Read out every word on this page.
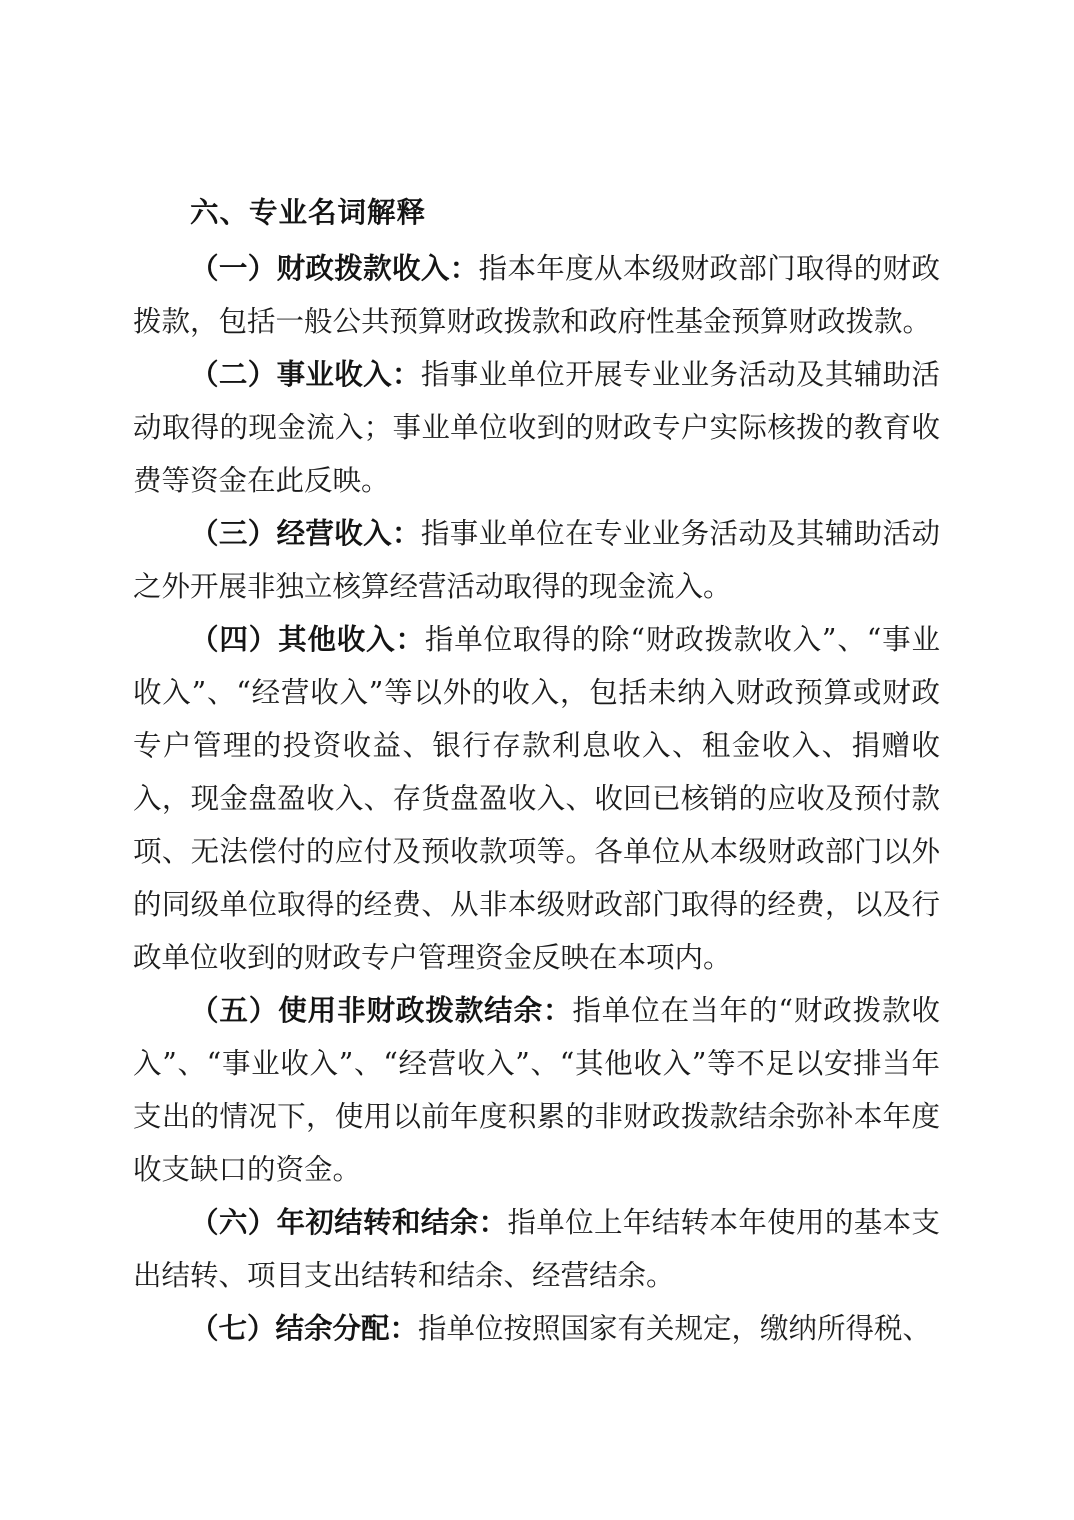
六、专业名词解释

（一）财政拨款收入：指本年度从本级财政部门取得的财政拨款，包括一般公共预算财政拨款和政府性基金预算财政拨款。

（二）事业收入：指事业单位开展专业业务活动及其辅助活动取得的现金流入；事业单位收到的财政专户实际核拨的教育收费等资金在此反映。

（三）经营收入：指事业单位在专业业务活动及其辅助活动之外开展非独立核算经营活动取得的现金流入。

（四）其他收入：指单位取得的除“财政拨款收入”、“事业收入”、“经营收入”等以外的收入，包括未纳入财政预算或财政专户管理的投资收益、银行存款利息收入、租金收入、捐赠收入，现金盘盈收入、存货盘盈收入、收回已核销的应收及预付款项、无法偿付的应付及预收款项等。各单位从本级财政部门以外的同级单位取得的经费、从非本级财政部门取得的经费，以及行政单位收到的财政专户管理资金反映在本项内。

（五）使用非财政拨款结余：指单位在当年的“财政拨款收入”、“事业收入”、“经营收入”、“其他收入”等不足以安排当年支出的情况下，使用以前年度积累的非财政拨款结余弥补本年度收支缺口的资金。

（六）年初结转和结余：指单位上年结转本年使用的基本支出结转、项目支出结转和结余、经营结余。

（七）结余分配：指单位按照国家有关规定，缴纳所得税、
